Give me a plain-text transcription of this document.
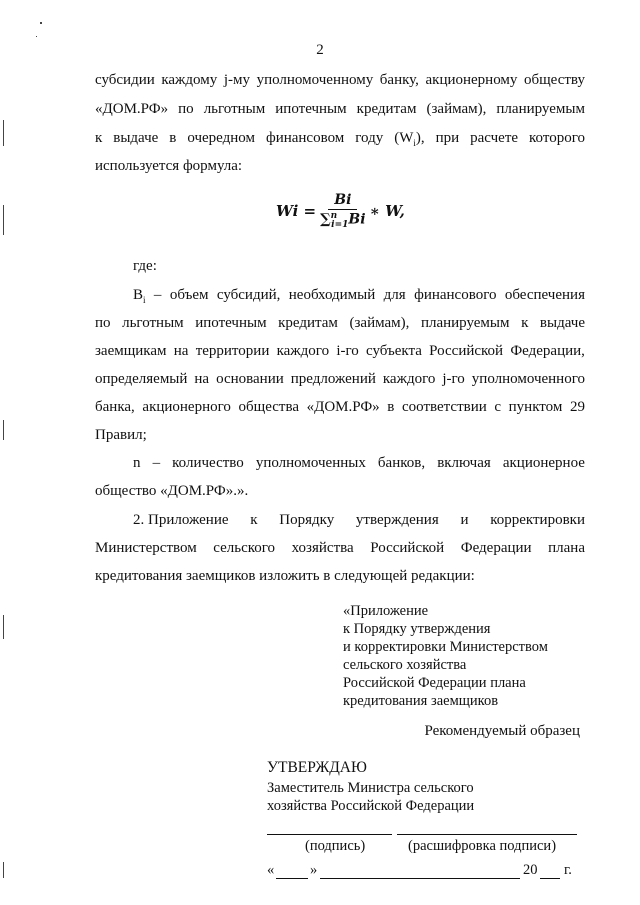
2
субсидии каждому j-му уполномоченному банку, акционерному обществу
«ДОМ.РФ» по льготным ипотечным кредитам (займам), планируемым
к выдаче в очередном финансовом году $(W_i)$, при расчете которого
используется формула:
$Wi = \frac{Bi}{\sum^n_{i=1}Bi}$ ∗ W,
где:
$B_i$ – объем субсидий, необходимый для финансового обеспечения
по льготным ипотечным кредитам (займам), планируемым к выдаче
заемщикам на территории каждого i-го субъекта Российской Федерации,
определяемый на основании предложений каждого j-го уполномоченного
банка, акционерного общества «ДОМ.РФ» в соответствии с пунктом 29
Правил;
n – количество уполномоченных банков, включая акционерное
общество «ДОМ.РФ».».
2. Приложение к Порядку утверждения и корректировки
Министерством сельского хозяйства Российской Федерации плана
кредитования заемщиков изложить в следующей редакции:
«Приложение
к Порядку утверждения
и корректировки Министерством
сельского хозяйства
Российской Федерации плана
кредитования заемщиков
Рекомендуемый образец
УТВЕРЖДАЮ
Заместитель Министра сельского
хозяйства Российской Федерации
(подпись)	(расшифровка подписи)
« »	20 г.
